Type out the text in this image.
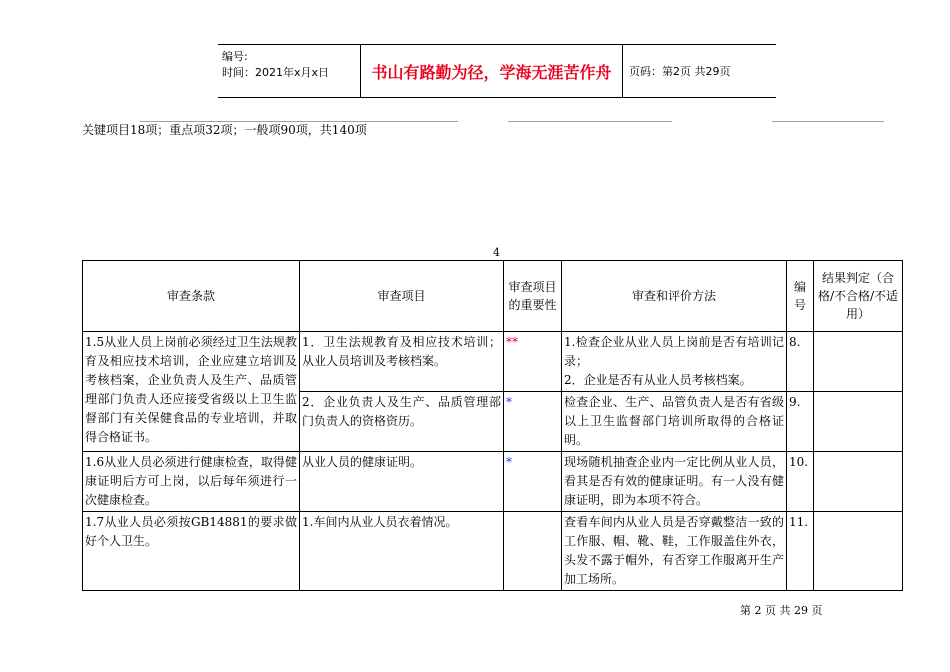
编号:
时间：2021年x月x日	书山有路勤为径，学海无涯苦作舟	页码：第2页 共29页
关键项目18项；重点项32项；一般项90项，共140项
4
审查条款	审查项目	审查项目的重要性	审查和评价方法	编号	结果判定（合格/不合格/不适用）
1.5从业人员上岗前必须经过卫生法规教育及相应技术培训，企业应建立培训及考核档案，企业负责人及生产、品质管理部门负责人还应接受省级以上卫生监督部门有关保健食品的专业培训，并取得合格证书。	1．卫生法规教育及相应技术培训；从业人员培训及考核档案。	**	1.检查企业从业人员上岗前是否有培训记录；
2．企业是否有从业人员考核档案。	8.	
	2．企业负责人及生产、品质管理部门负责人的资格资历。	*	检查企业、生产、品管负责人是否有省级以上卫生监督部门培训所取得的合格证明。	9.	
1.6从业人员必须进行健康检查，取得健康证明后方可上岗，以后每年须进行一次健康检查。	从业人员的健康证明。	*	现场随机抽查企业内一定比例从业人员，看其是否有效的健康证明。有一人没有健康证明，即为本项不符合。	10.	
1.7从业人员必须按GB14881的要求做好个人卫生。	1.车间内从业人员衣着情况。		查看车间内从业人员是否穿戴整洁一致的工作服、帽、靴、鞋，工作服盖住外衣，头发不露于帽外，有否穿工作服离开生产加工场所。	11.	
第 2 页 共 29 页
